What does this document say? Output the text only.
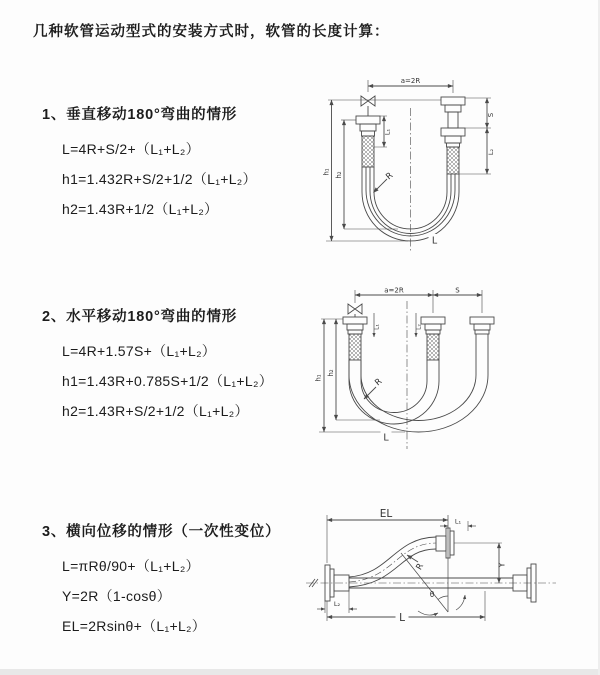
几种软管运动型式的安装方式时，软管的长度计算：
1、垂直移动180°弯曲的情形
L=4R+S/2+（L₁+L₂）
h1=1.432R+S/2+1/2（L₁+L₂）
h2=1.43R+1/2（L₁+L₂）
2、水平移动180°弯曲的情形
L=4R+1.57S+（L₁+L₂）
h1=1.43R+0.785S+1/2（L₁+L₂）
h2=1.43R+S/2+1/2（L₁+L₂）
3、横向位移的情形（一次性变位）
L=πRθ/90+（L₁+L₂）
Y=2R（1-cosθ）
EL=2Rsinθ+（L₁+L₂）
a=2R
S
L₂
L₁
h₁ h₂	R
L
a=2R	S
L₁	L₂
h₁
h₂
R
L
EL
L₁
Y
L
L₂
R
θ
